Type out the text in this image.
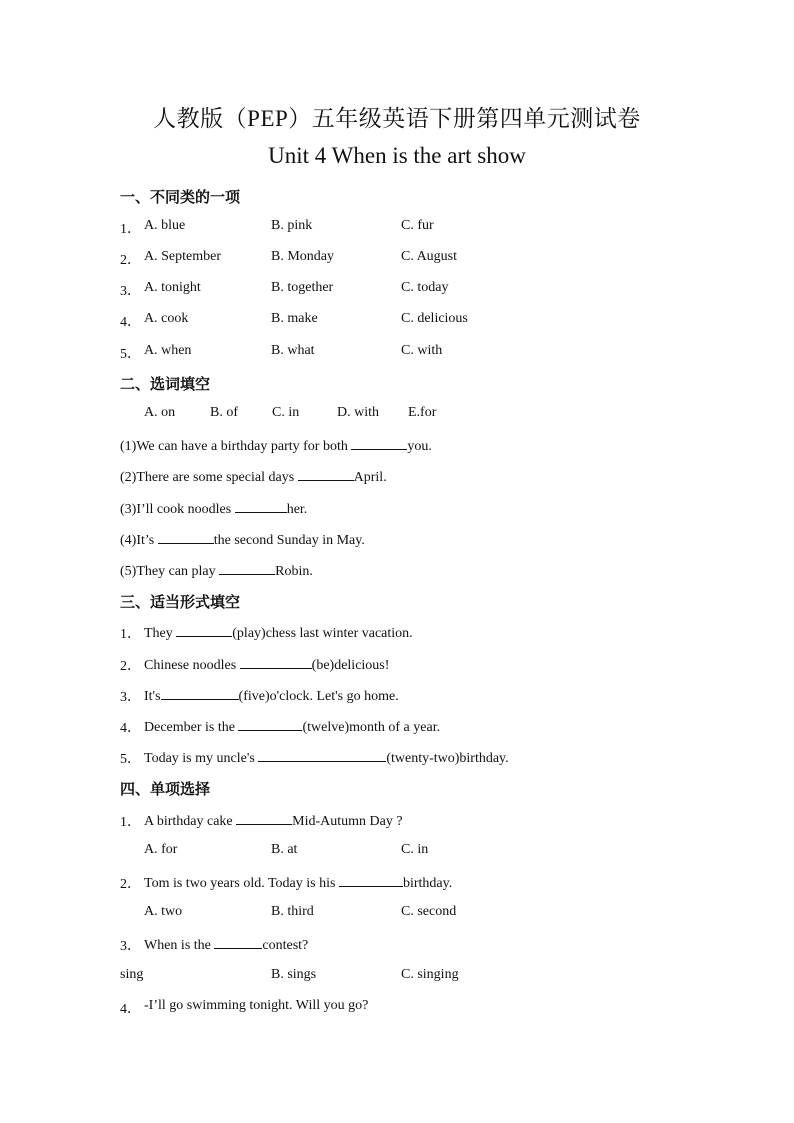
人教版（PEP）五年级英语下册第四单元测试卷
Unit 4 When is the art show
一、不同类的一项
1． A. blue	B. pink	C. fur
2． A. September	B. Monday	C. August
3． A. tonight	B. together	C. today
4． A. cook	B. make	C. delicious
5． A. when	B. what	C. with
二、选词填空
A. on B. of C. in	D. with E.for
(1)We can have a birthday party for both	you.
(2)There are some special days	April.
(3)I’ll cook noodles	her.
(4)It’s	the second Sunday in May.
(5)They can play	Robin.
三、适当形式填空
1． They	(play)chess last winter vacation.
2． Chinese noodles	(be)delicious!
3． It's	(five)o'clock. Let's go home.
4． December is the	(twelve)month of a year.
5． Today is my uncle's	(twenty-two)birthday.
四、单项选择
1． A birthday cake	Mid-Autumn Day ?
A. for	B. at	C. in
2． Tom is two years old. Today is his	birthday.
A. two	B. third	C. second
3． When is the	contest?
sing	B. sings	C. singing
4． -I’ll go swimming tonight. Will you go?
